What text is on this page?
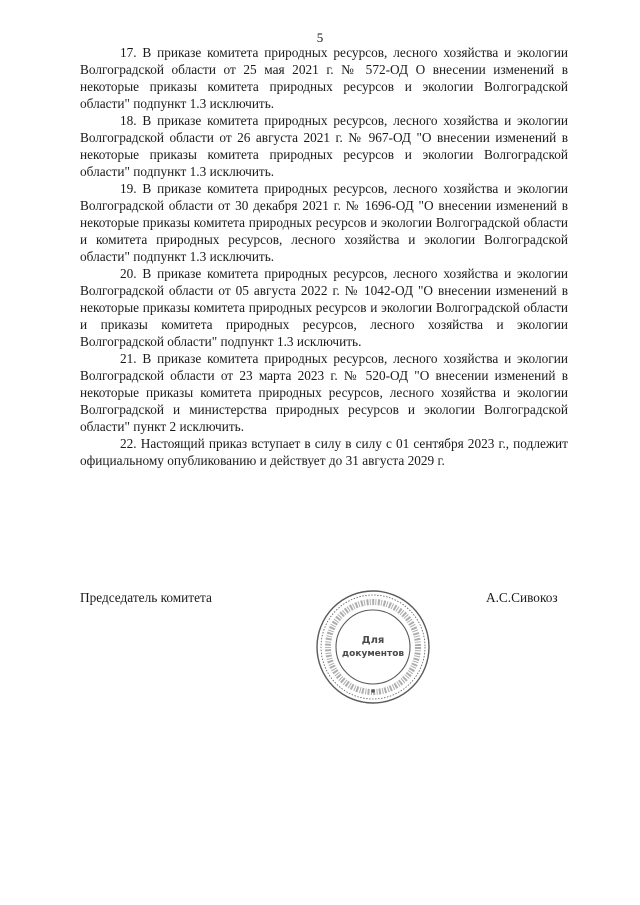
5

17. В приказе комитета природных ресурсов, лесного хозяйства и экологии Волгоградской области от 25 мая 2021 г. № 572-ОД О внесении изменений в некоторые приказы комитета природных ресурсов и экологии Волгоградской области" подпункт 1.3 исключить.

18. В приказе комитета природных ресурсов, лесного хозяйства и экологии Волгоградской области от 26 августа 2021 г. № 967-ОД "О внесении изменений в некоторые приказы комитета природных ресурсов и экологии Волгоградской области" подпункт 1.3 исключить.

19. В приказе комитета природных ресурсов, лесного хозяйства и экологии Волгоградской области от 30 декабря 2021 г. № 1696-ОД "О внесении изменений в некоторые приказы комитета природных ресурсов и экологии Волгоградской области и комитета природных ресурсов, лесного хозяйства и экологии Волгоградской области" подпункт 1.3 исключить.

20. В приказе комитета природных ресурсов, лесного хозяйства и экологии Волгоградской области от 05 августа 2022 г. № 1042-ОД "О внесении изменений в некоторые приказы комитета природных ресурсов и экологии Волгоградской области и приказы комитета природных ресурсов, лесного хозяйства и экологии Волгоградской области" подпункт 1.3 исключить.

21. В приказе комитета природных ресурсов, лесного хозяйства и экологии Волгоградской области от 23 марта 2023 г. № 520-ОД "О внесении изменений в некоторые приказы комитета природных ресурсов, лесного хозяйства и экологии Волгоградской и министерства природных ресурсов и экологии Волгоградской области" пункт 2 исключить.

22. Настоящий приказ вступает в силу в силу с 01 сентября 2023 г., подлежит официальному опубликованию и действует до 31 августа 2029 г.

Председатель комитета	А.С.Сивокоз
Для
документов
